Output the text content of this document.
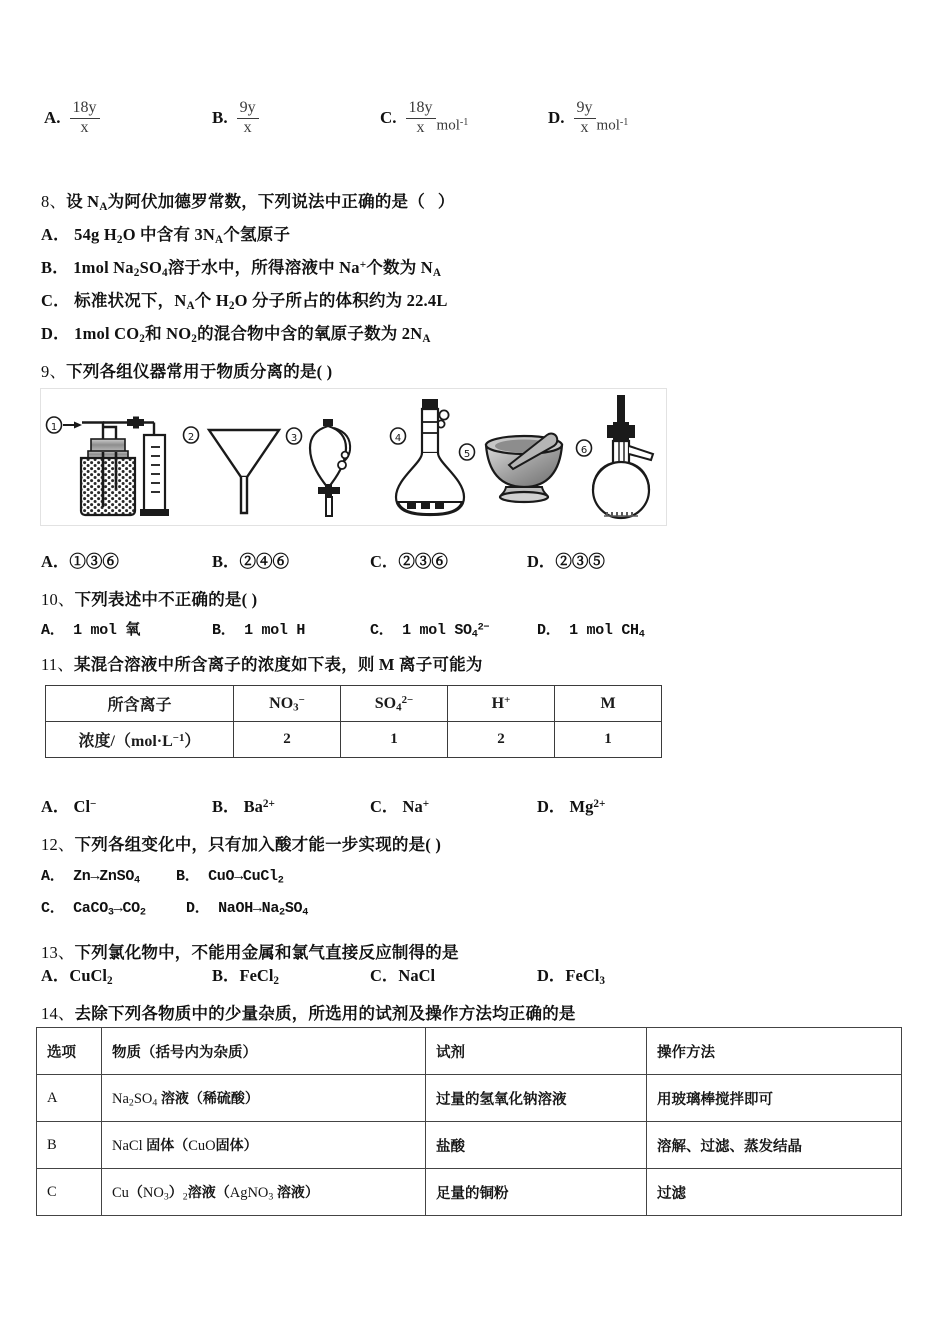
A. $\frac{18y}{x}$	B. $\frac{9y}{x}$	C. $\frac{18y}{x} mol^{-1}$	D. $\frac{9y}{x} mol^{-1}$
8、设 $N_A$为阿伏加德罗常数，下列说法中正确的是（   ）
A． 54g $H_2O$ 中含有 $3N_A$个氢原子
B． 1mol $Na_2SO_4$溶于水中，所得溶液中 Na+个数为 $N_A$
C． 标准状况下，$N_A$个 $H_2O$ 分子所占的体积约为 22.4L
D． 1mol $CO_2$和 $NO_2$的混合物中含的氧原子数为 $2N_A$
9、下列各组仪器常用于物质分离的是( )
1
2	3	4
5	6
A．①③⑥	B．②④⑥	C．②③⑥	D．②③⑤
10、下列表述中不正确的是( )
A． 1 mol 氧	B． 1 mol H	C． 1 mol $SO_4^{2-}$	D． 1 mol $CH_4$
11、某混合溶液中所含离子的浓度如下表，则 M 离子可能为
所含离子	$NO_3^-$	$SO_4^{2-}$	H+	M
浓度$/(mol\cdot L^{-1})$	2	1	2	1
A． Cl−	B． $Ba^{2+}$	C． Na+	D． $Mg^{2+}$
12、下列各组变化中，只有加入酸才能一步实现的是( )
A． Zn→ZnSO$_4$ B． CuO→CuCl$_2$
C． $CaCO_3\to CO_2$	D． $NaOH\to Na_2SO_4$
13、下列氯化物中，不能用金属和氯气直接反应制得的是
A．CuCl$_2$	B．FeCl$_2$	C．NaCl	D．FeCl$_3$
14、去除下列各物质中的少量杂质，所选用的试剂及操作方法均正确的是
选项	物质（括号内为杂质）	试剂	操作方法
A	$Na_2SO_4$ 溶液（稀硫酸）	过量的氢氧化钠溶液	用玻璃棒搅拌即可
B	NaCl 固体（CuO固体）	盐酸	溶解、过滤、蒸发结晶
C	$Cu(NO_3)_2$溶液（AgNO$_3$ 溶液）	足量的铜粉	过滤
